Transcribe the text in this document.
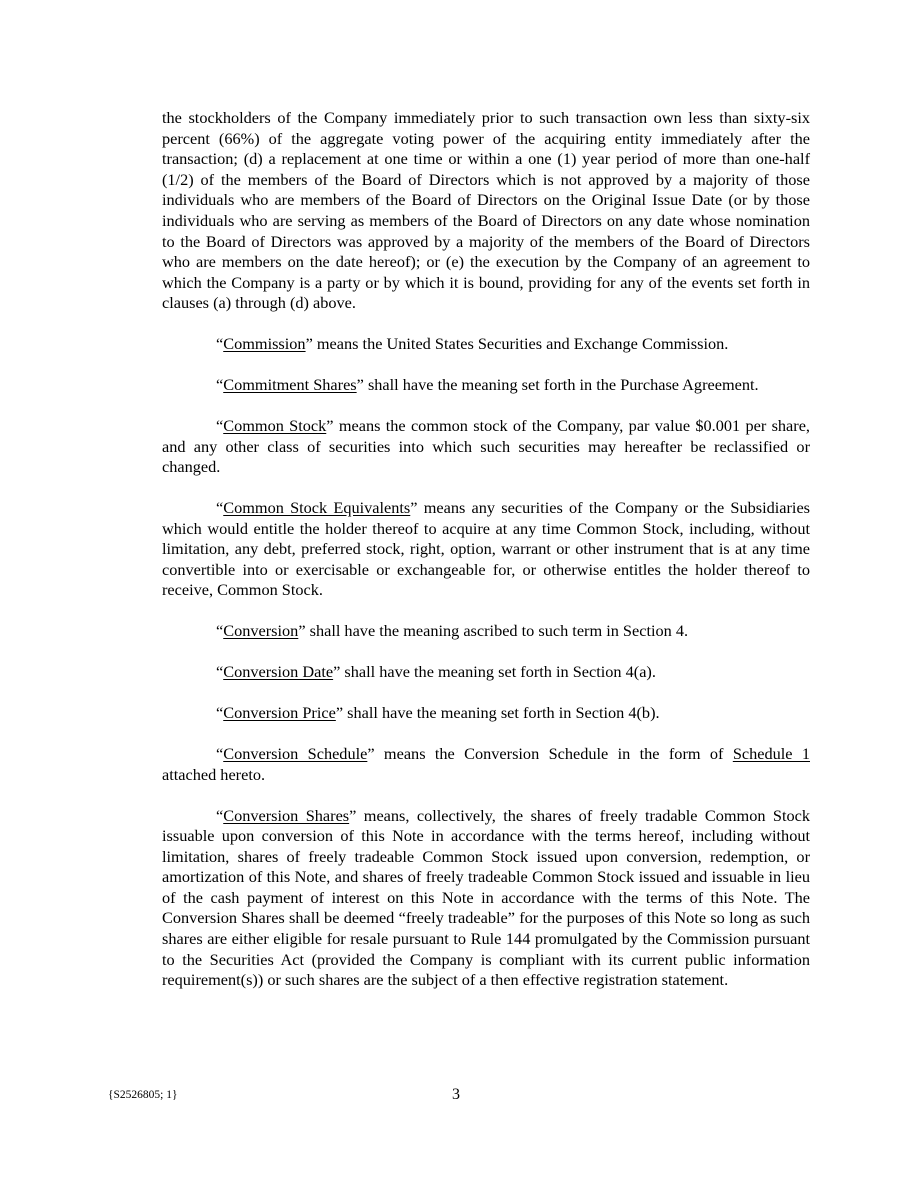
the stockholders of the Company immediately prior to such transaction own less than sixty-six percent (66%) of the aggregate voting power of the acquiring entity immediately after the transaction; (d) a replacement at one time or within a one (1) year period of more than one-half (1/2) of the members of the Board of Directors which is not approved by a majority of those individuals who are members of the Board of Directors on the Original Issue Date (or by those individuals who are serving as members of the Board of Directors on any date whose nomination to the Board of Directors was approved by a majority of the members of the Board of Directors who are members on the date hereof); or (e) the execution by the Company of an agreement to which the Company is a party or by which it is bound, providing for any of the events set forth in clauses (a) through (d) above.

“Commission” means the United States Securities and Exchange Commission.

“Commitment Shares” shall have the meaning set forth in the Purchase Agreement.

“Common Stock” means the common stock of the Company, par value $0.001 per share, and any other class of securities into which such securities may hereafter be reclassified or changed.

“Common Stock Equivalents” means any securities of the Company or the Subsidiaries which would entitle the holder thereof to acquire at any time Common Stock, including, without limitation, any debt, preferred stock, right, option, warrant or other instrument that is at any time convertible into or exercisable or exchangeable for, or otherwise entitles the holder thereof to receive, Common Stock.

“Conversion” shall have the meaning ascribed to such term in Section 4.

“Conversion Date” shall have the meaning set forth in Section 4(a).

“Conversion Price” shall have the meaning set forth in Section 4(b).

“Conversion Schedule” means the Conversion Schedule in the form of Schedule 1 attached hereto.

“Conversion Shares” means, collectively, the shares of freely tradable Common Stock issuable upon conversion of this Note in accordance with the terms hereof, including without limitation, shares of freely tradeable Common Stock issued upon conversion, redemption, or amortization of this Note, and shares of freely tradeable Common Stock issued and issuable in lieu of the cash payment of interest on this Note in accordance with the terms of this Note. The Conversion Shares shall be deemed “freely tradeable” for the purposes of this Note so long as such shares are either eligible for resale pursuant to Rule 144 promulgated by the Commission pursuant to the Securities Act (provided the Company is compliant with its current public information requirement(s)) or such shares are the subject of a then effective registration statement.

{S2526805; 1}	3
